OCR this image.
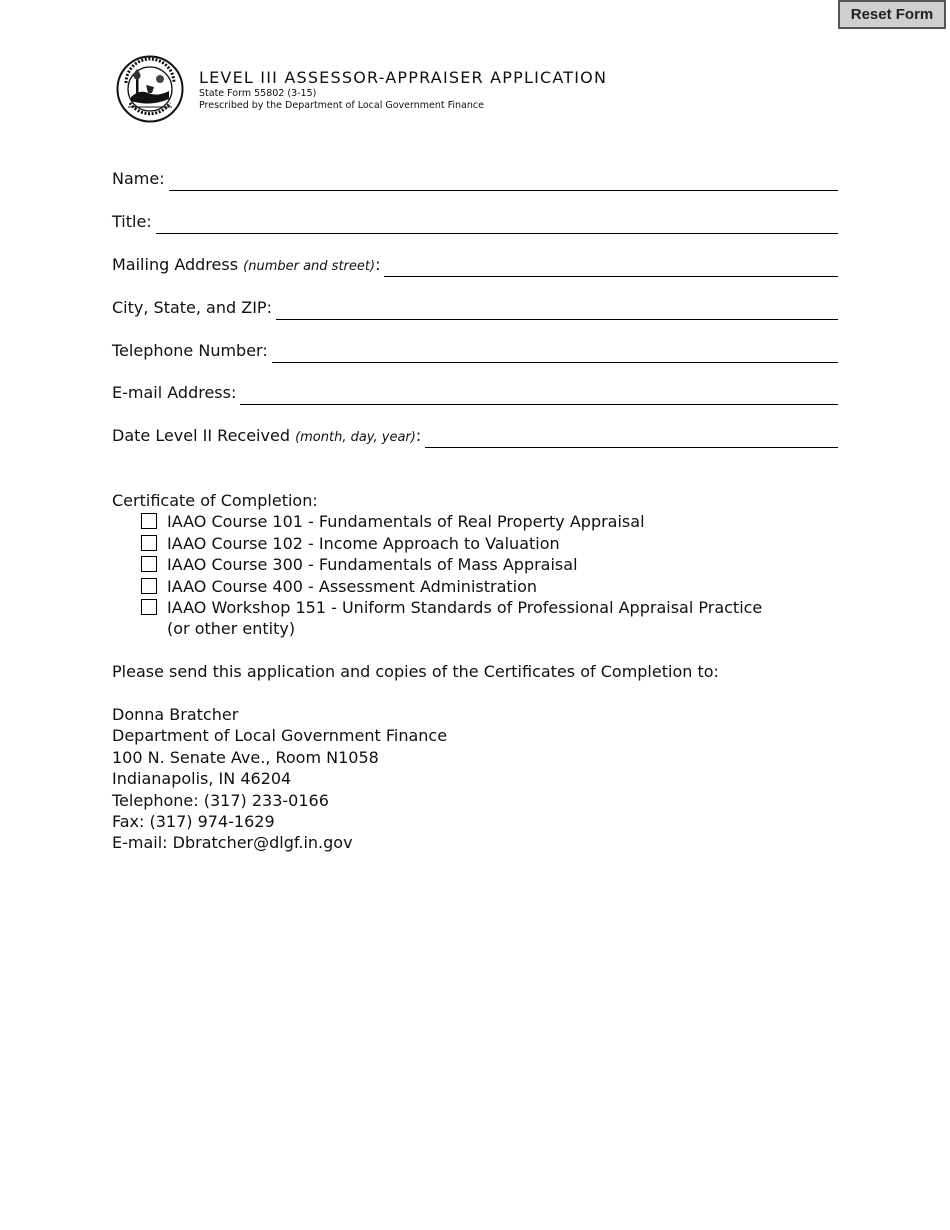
Reset Form
LEVEL III ASSESSOR-APPRAISER APPLICATION
State Form 55802 (3-15)
Prescribed by the Department of Local Government Finance
Name:
Title:
Mailing Address (number and street):
City, State, and ZIP:
Telephone Number:
E-mail Address:
Date Level II Received (month, day, year):
Certificate of Completion:
IAAO Course 101 - Fundamentals of Real Property Appraisal
IAAO Course 102 - Income Approach to Valuation
IAAO Course 300 - Fundamentals of Mass Appraisal
IAAO Course 400 - Assessment Administration
IAAO Workshop 151 - Uniform Standards of Professional Appraisal Practice
(or other entity)
Please send this application and copies of the Certificates of Completion to:
Donna Bratcher
Department of Local Government Finance
100 N. Senate Ave., Room N1058
Indianapolis, IN 46204
Telephone: (317) 233-0166
Fax: (317) 974-1629
E-mail: Dbratcher@dlgf.in.gov
